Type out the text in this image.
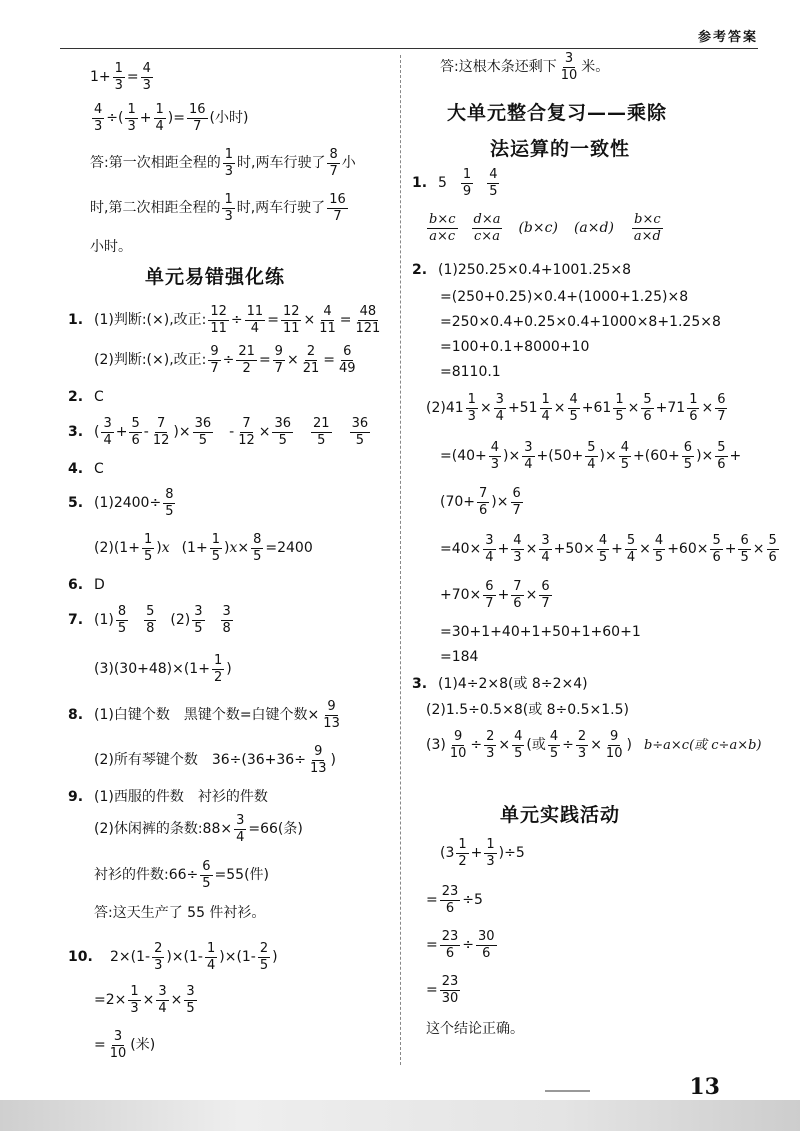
参考答案
$1+ \frac{1}{3} = \frac{4}{3}$
$\frac{4}{3}$ ÷( $\frac{1}{3} + \frac{1}{4}$ )= $\frac{16}{7}$ (小时)
答:第一次相距全程的 $\frac{1}{3}$ 时,两车行驶了 $\frac{8}{7}$ 小
时,第二次相距全程的 $\frac{1}{3}$ 时,两车行驶了 $\frac{16}{7}$
小时。
单元易错强化练
1. (1)判断:(×),改正: $\frac{12}{11} \div \frac{11}{4} = \frac{12}{11} \times \frac{4}{11} = \frac{48}{121}$
(2)判断:(×),改正: $\frac{9}{7} \div \frac{21}{2} = \frac{9}{7} \times \frac{2}{21} = \frac{6}{49}$
2. C
3. ( $\frac{3}{4} + \frac{5}{6} - \frac{7}{12}$ )× $\frac{36}{5} - \frac{7}{12} \times \frac{36}{5} \frac{21}{5} \frac{36}{5}$
4. C
5. $(1)2400\div \frac{8}{5}$
$(2)(1+ \frac{1}{5}$ ) x ($1+ \frac{1}{5}$ ) $x \times \frac{8}{5} =2400$
6. D
7. $(1) \frac{8}{5} \frac{5}{8} (2) \frac{3}{5} \frac{3}{8}$
$(3)(30+48)\times(1+ \frac{1}{2}$ )
8. (1)白键个数　黑键个数=白键个数× $\frac{9}{13}$
(2)所有琴键个数　$36\div(36+36\div \frac{9}{13}$ )
9. (1)西服的件数　衬衫的件数
(2)休闲裤的条数:88× $\frac{3}{4} =66$(条)
衬衫的件数:66÷ $\frac{6}{5} =55$(件)
答:这天生产了 55 件衬衫。
10.	$2\times(1- \frac{2}{3} )\times(1- \frac{1}{4} )\times(1- \frac{2}{5}$ )
$=2\times \frac{1}{3} \times \frac{3}{4} \times \frac{3}{5}$
= $\frac{3}{10}$ (米)
答:这根木条还剩下 $\frac{3}{10}$ 米。
大单元整合复习——乘除
法运算的一致性
1. $5 \frac{1}{9} \frac{4}{5}$
$\frac{b\times c}{a\times c} \frac{d\times a}{c\times a} (b\times c)$ $(a\times d) \frac{b\times c}{a\times d}$
2. (1)250.25×0.4+1001.25×8
=(250+0.25)×0.4+(1000+1.25)×8
=250×0.4+0.25×0.4+1000×8+1.25×8
=100+0.1+8000+10
=8110.1
$(2)41 \frac{1}{3} \times \frac{3}{4} +51 \frac{1}{4} \times \frac{4}{5} +61 \frac{1}{5} \times \frac{5}{6} +71 \frac{1}{6} \times \frac{6}{7}$
$=(40+ \frac{4}{3}$ )× $\frac{3}{4} +(50+ \frac{5}{4}$ )× $\frac{4}{5} +(60+ \frac{6}{5}$ )× $\frac{5}{6}$ +
($70+ \frac{7}{6}$ )× $\frac{6}{7}$
$=40\times \frac{3}{4} + \frac{4}{3} \times \frac{3}{4} +50\times \frac{4}{5} + \frac{5}{4} \times \frac{4}{5} +60\times \frac{5}{6} + \frac{6}{5} \times \frac{5}{6}$
$+70\times \frac{6}{7} + \frac{7}{6} \times \frac{6}{7}$
=30+1+40+1+50+1+60+1
=184
3. (1)4÷2×8(或 8÷2×4)
(2)1.5÷0.5×8(或 8÷0.5×1.5)
$(3) \frac{9}{10} \div \frac{2}{3} \times \frac{4}{5}$ (或 $\frac{4}{5} \div \frac{2}{3} \times \frac{9}{10}$ ) b÷a×c(或 c÷a×b)
单元实践活动
$(3 \frac{1}{2} + \frac{1}{3} )\div 5$
= $\frac{23}{6} \div 5$
= $\frac{23}{6} \div \frac{30}{6}$
= $\frac{23}{30}$
这个结论正确。
13
